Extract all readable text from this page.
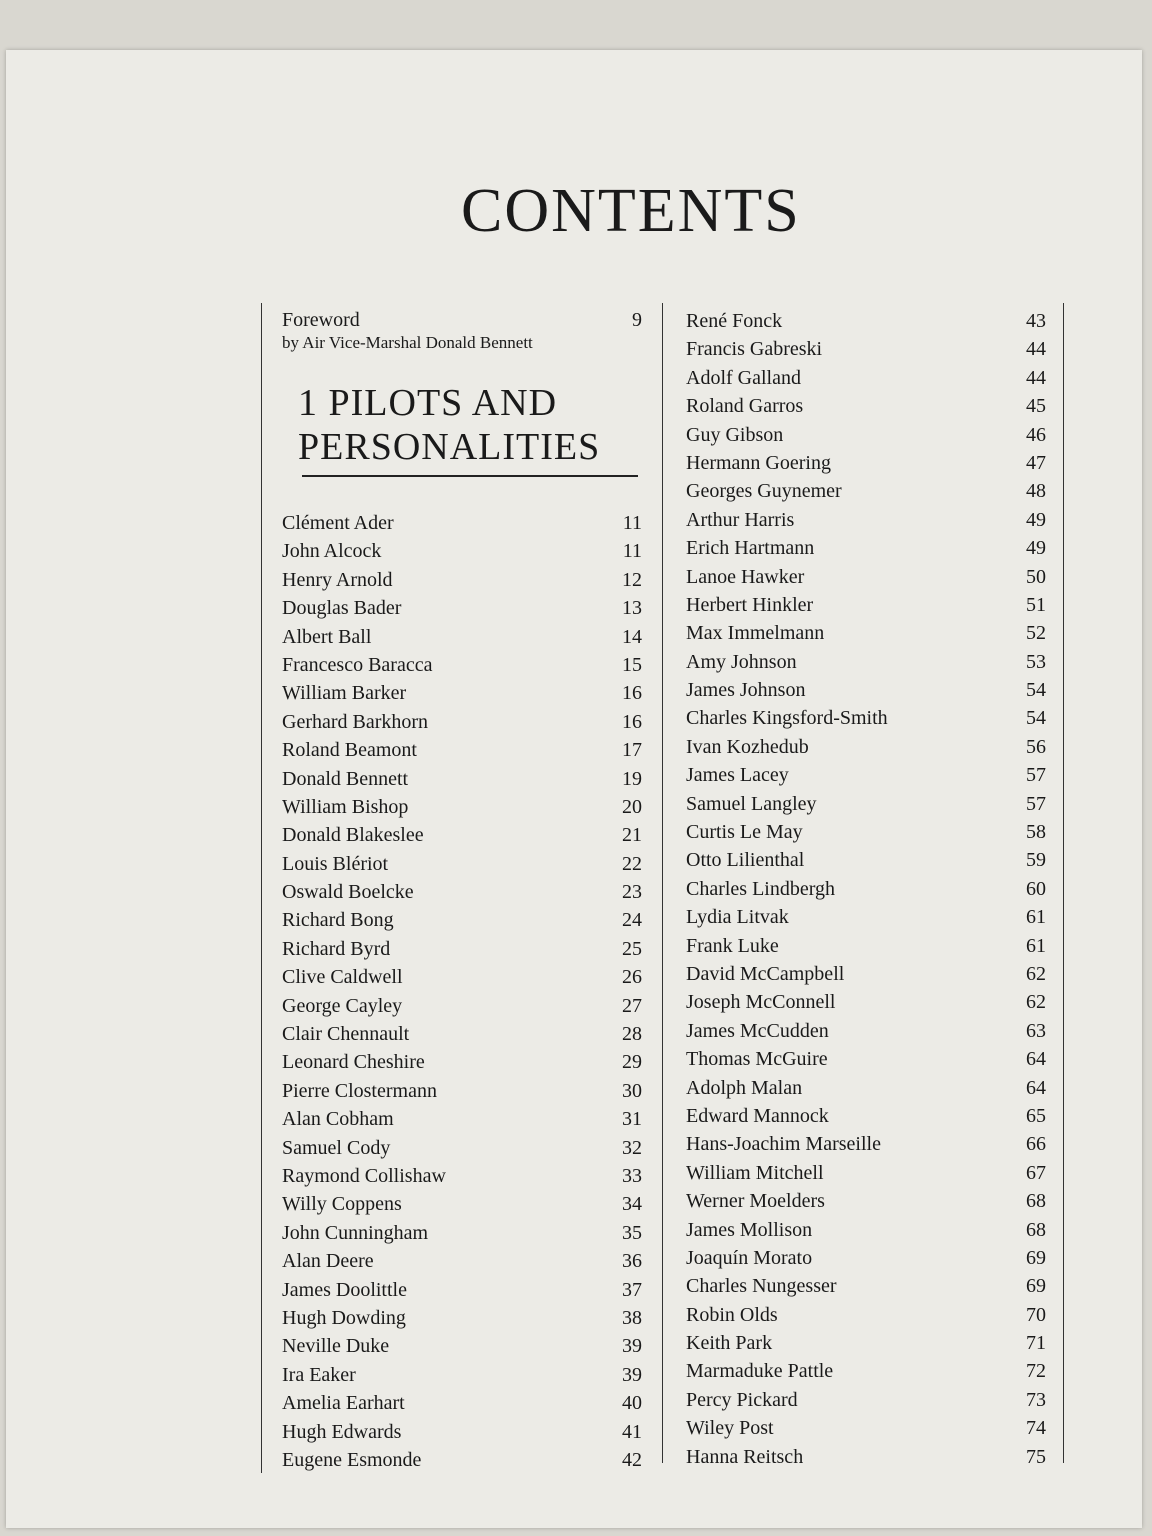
CONTENTS
Foreword	9
by Air Vice-Marshal Donald Bennett
1 PILOTS AND
PERSONALITIES
Clément Ader	11
John Alcock	11
Henry Arnold	12
Douglas Bader	13
Albert Ball	14
Francesco Baracca	15
William Barker	16
Gerhard Barkhorn	16
Roland Beamont	17
Donald Bennett	19
William Bishop	20
Donald Blakeslee	21
Louis Blériot	22
Oswald Boelcke	23
Richard Bong	24
Richard Byrd	25
Clive Caldwell	26
George Cayley	27
Clair Chennault	28
Leonard Cheshire	29
Pierre Clostermann	30
Alan Cobham	31
Samuel Cody	32
Raymond Collishaw	33
Willy Coppens	34
John Cunningham	35
Alan Deere	36
James Doolittle	37
Hugh Dowding	38
Neville Duke	39
Ira Eaker	39
Amelia Earhart	40
Hugh Edwards	41
Eugene Esmonde	42
René Fonck	43
Francis Gabreski	44
Adolf Galland	44
Roland Garros	45
Guy Gibson	46
Hermann Goering	47
Georges Guynemer	48
Arthur Harris	49
Erich Hartmann	49
Lanoe Hawker	50
Herbert Hinkler	51
Max Immelmann	52
Amy Johnson	53
James Johnson	54
Charles Kingsford-Smith	54
Ivan Kozhedub	56
James Lacey	57
Samuel Langley	57
Curtis Le May	58
Otto Lilienthal	59
Charles Lindbergh	60
Lydia Litvak	61
Frank Luke	61
David McCampbell	62
Joseph McConnell	62
James McCudden	63
Thomas McGuire	64
Adolph Malan	64
Edward Mannock	65
Hans-Joachim Marseille	66
William Mitchell	67
Werner Moelders	68
James Mollison	68
Joaquín Morato	69
Charles Nungesser	69
Robin Olds	70
Keith Park	71
Marmaduke Pattle	72
Percy Pickard	73
Wiley Post	74
Hanna Reitsch	75
